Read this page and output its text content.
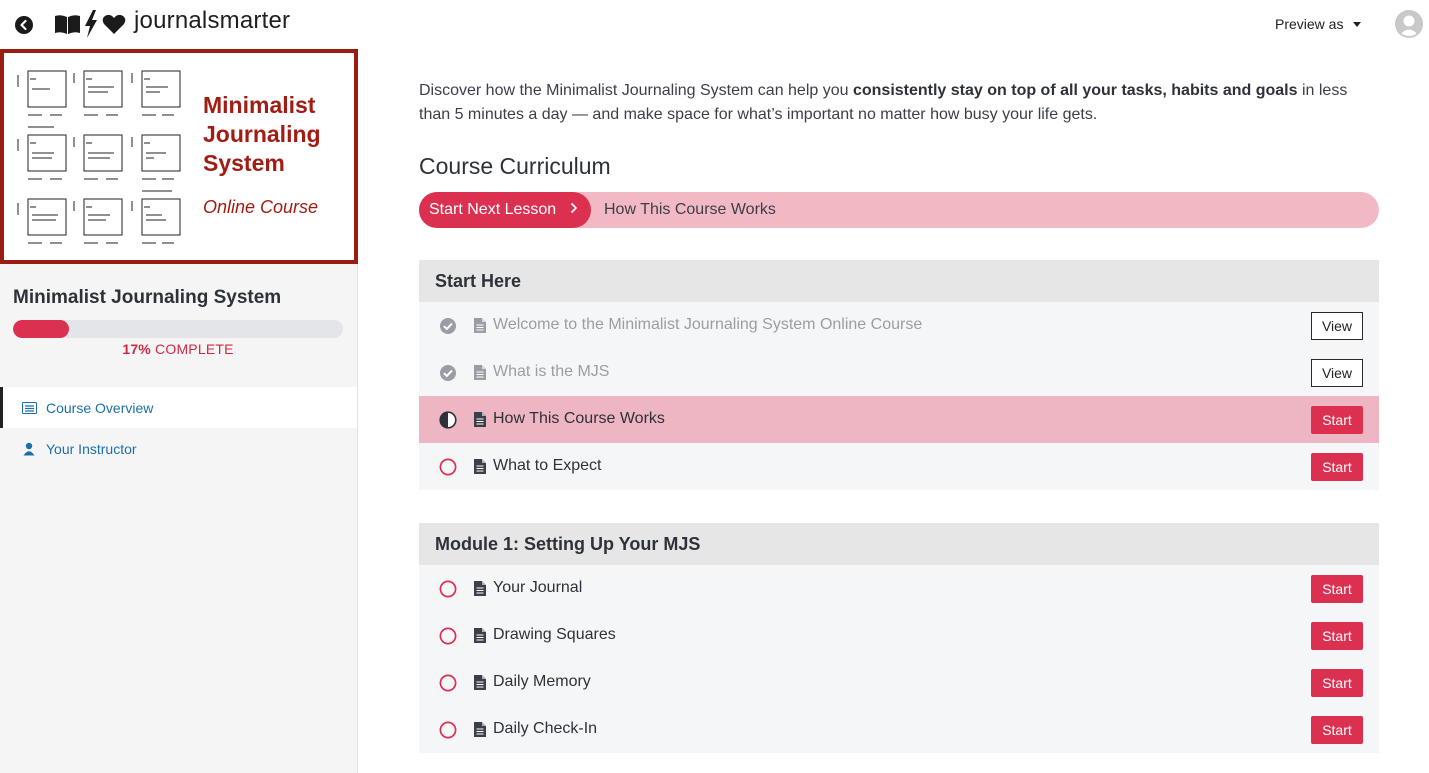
journalsmarter	Preview as
Minimalist Journaling System
Online Course
Minimalist Journaling System
17% COMPLETE
Course Overview
Your Instructor

Discover how the Minimalist Journaling System can help you consistently stay on top of all your tasks, habits and goals in less than 5 minutes a day — and make space for what’s important no matter how busy your life gets.

Course Curriculum
Start Next Lesson	How This Course Works
Start Here
Welcome to the Minimalist Journaling System Online Course	View
What is the MJS	View
How This Course Works	Start
What to Expect	Start
Module 1: Setting Up Your MJS
Your Journal	Start
Drawing Squares	Start
Daily Memory	Start
Daily Check-In	Start
